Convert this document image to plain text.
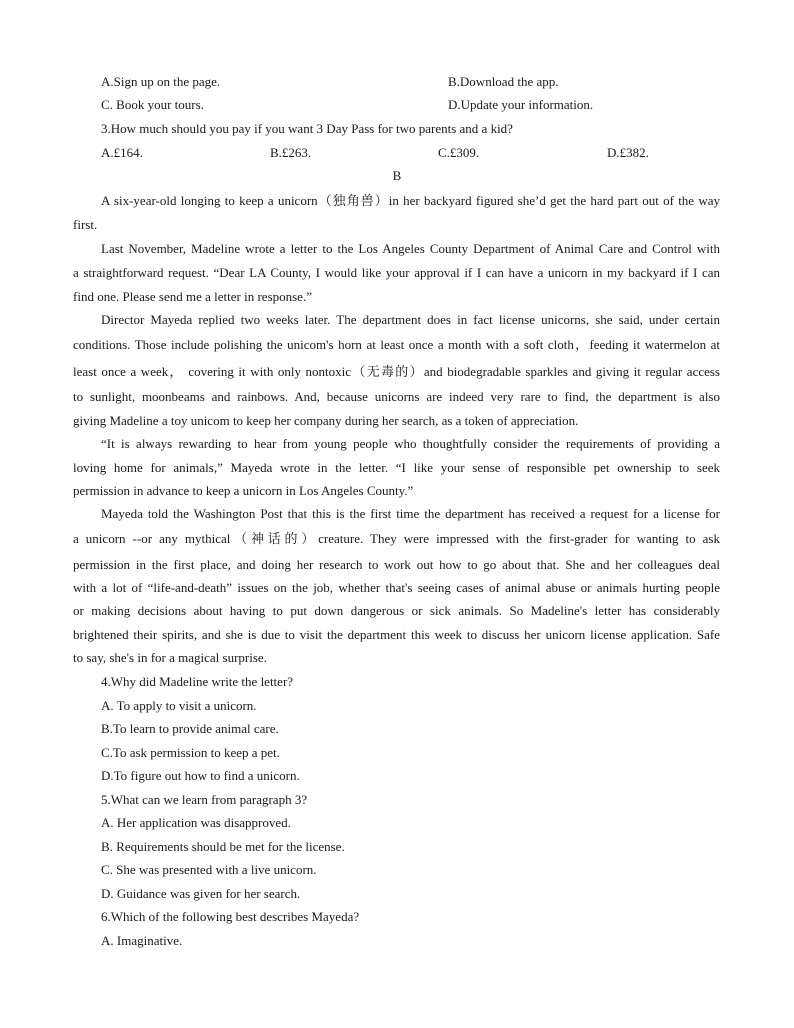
A.Sign up on the page.	B.Download the app.
C. Book your tours.	D.Update your information.
3.How much should you pay if you want 3 Day Pass for two parents and a kid?
A.£164.	B.£263.	C.£309.	D.£382.
B
A six-year-old longing to keep a unicorn（独角兽）in her backyard figured she’d get the hard part out of the way
first.
Last November, Madeline wrote a letter to the Los Angeles County Department of Animal Care and Control with
a straightforward request. “Dear LA County, I would like your approval if I can have a unicorn in my backyard if I can
find one. Please send me a letter in response.”
Director Mayeda replied two weeks later. The department does in fact license unicorns, she said, under certain
conditions. Those include polishing the unicom's horn at least once a month with a soft cloth，feeding it watermelon at
least once a week， covering it with only nontoxic（无毒的）and biodegradable sparkles and giving it regular access
to sunlight, moonbeams and rainbows. And, because unicorns are indeed very rare to find, the department is also
giving Madeline a toy unicom to keep her company during her search, as a token of appreciation.
“It is always rewarding to hear from young people who thoughtfully consider the requirements of providing a
loving home for animals,” Mayeda wrote in the letter. “I like your sense of responsible pet ownership to seek
permission in advance to keep a unicorn in Los Angeles County.”
Mayeda told the Washington Post that this is the first time the department has received a request for a license for
a unicorn --or any mythical（神话的）creature. They were impressed with the first-grader for wanting to ask
permission in the first place, and doing her research to work out how to go about that. She and her colleagues deal
with a lot of “life-and-death” issues on the job, whether that's seeing cases of animal abuse or animals hurting people
or making decisions about having to put down dangerous or sick animals. So Madeline's letter has considerably
brightened their spirits, and she is due to visit the department this week to discuss her unicorn license application. Safe
to say, she's in for a magical surprise.
4.Why did Madeline write the letter?
A. To apply to visit a unicorn.
B.To learn to provide animal care.
C.To ask permission to keep a pet.
D.To figure out how to find a unicorn.
5.What can we learn from paragraph 3?
A. Her application was disapproved.
B. Requirements should be met for the license.
C. She was presented with a live unicorn.
D. Guidance was given for her search.
6.Which of the following best describes Mayeda?
A. Imaginative.
